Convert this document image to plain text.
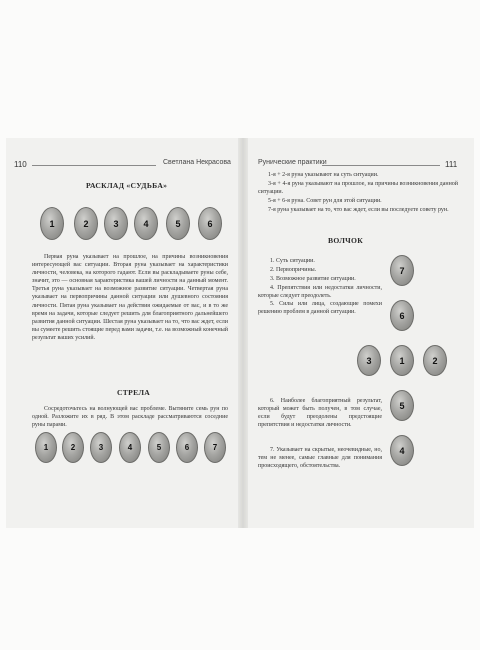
110	Светлана Некрасова
РАСКЛАД «СУДЬБА»
1	2	3	4	5	6

Первая руна указывает на прошлое, на причины возникновения интересующей вас ситуации. Вторая руна указывает на характеристики личности, человека, на которого гадают. Если вы раскладываете руны себе, значит, это — основная характеристика вашей личности на данный момент. Третья руна указывает на возможное развитие ситуации. Четвертая руна указывает на первопричины данной ситуации или душевного состояния личности. Пятая руна указывает на действия ожидаемые от вас, и в то же время на задачи, которые следует решить для благоприятного дальнейшего развития данной ситуации. Шестая руна указывает на то, что вас ждет, если вы сумеете решить стоящие перед вами задачи, т.е. на возможный конечный результат ваших усилий.

СТРЕЛА

Сосредоточьтесь на волнующей вас проблеме. Вытяните семь рун по одной. Разложите их в ряд. В этом раскладе рассматриваются соседние руны парами.

1	2	3	4	5	6	7
Рунические практики	111

1-я + 2-я руна указывают на суть ситуации.

3-я + 4-я руна указывают на прошлое, на причины возникновения данной ситуации.

5-я + 6-я руна. Совет рун для этой ситуации.

7-я руна указывает на то, что вас ждет, если вы последуете совету рун.

ВОЛЧОК
1. Суть ситуации.
2. Первопричины.
3. Возможное развитие ситуации.

4. Препятствия или недостатки личности, которые следует преодолеть.

5. Силы или лица, создающие помехи решению проблем в данной ситуации.

6. Наиболее благоприятный результат, который может быть получен, в том случае, если будут преодолены предстоящие препятствия и недостатки личности.

7. Указывает на скрытые, неочевидные, но, тем не менее, самые главные для понимания происходящего, обстоятельства.

7
6
3	1	2
5
4
